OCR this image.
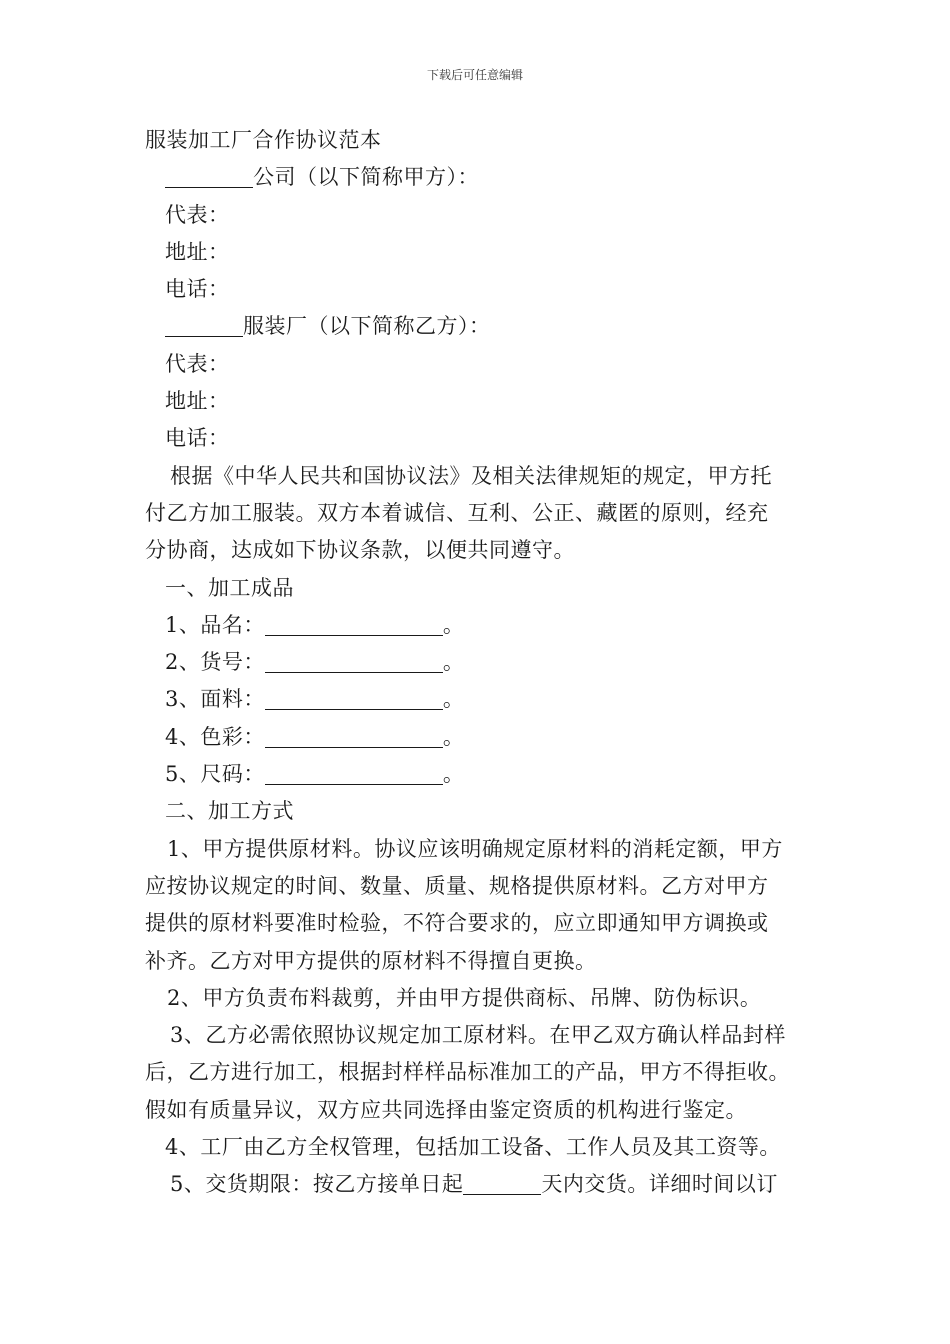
下载后可任意编辑
服装加工厂合作协议范本
公司（以下简称甲方）：
代表：
地址：
电话：
服装厂（以下简称乙方）：
代表：
地址：
电话：
根据《中华人民共和国协议法》及相关法律规矩的规定，甲方托
付乙方加工服装。双方本着诚信、互利、公正、藏匿的原则，经充
分协商，达成如下协议条款，以便共同遵守。
一、加工成品
1、品名：	。
2、货号：	。
3、面料：	。
4、色彩：	。
5、尺码：	。
二、加工方式
1、甲方提供原材料。协议应该明确规定原材料的消耗定额，甲方
应按协议规定的时间、数量、质量、规格提供原材料。乙方对甲方
提供的原材料要准时检验，不符合要求的，应立即通知甲方调换或
补齐。乙方对甲方提供的原材料不得擅自更换。
2、甲方负责布料裁剪，并由甲方提供商标、吊牌、防伪标识。
3、乙方必需依照协议规定加工原材料。在甲乙双方确认样品封样
后，乙方进行加工，根据封样样品标准加工的产品，甲方不得拒收。
假如有质量异议，双方应共同选择由鉴定资质的机构进行鉴定。
4、工厂由乙方全权管理，包括加工设备、工作人员及其工资等。
5、交货期限：按乙方接单日起	天内交货。详细时间以订
